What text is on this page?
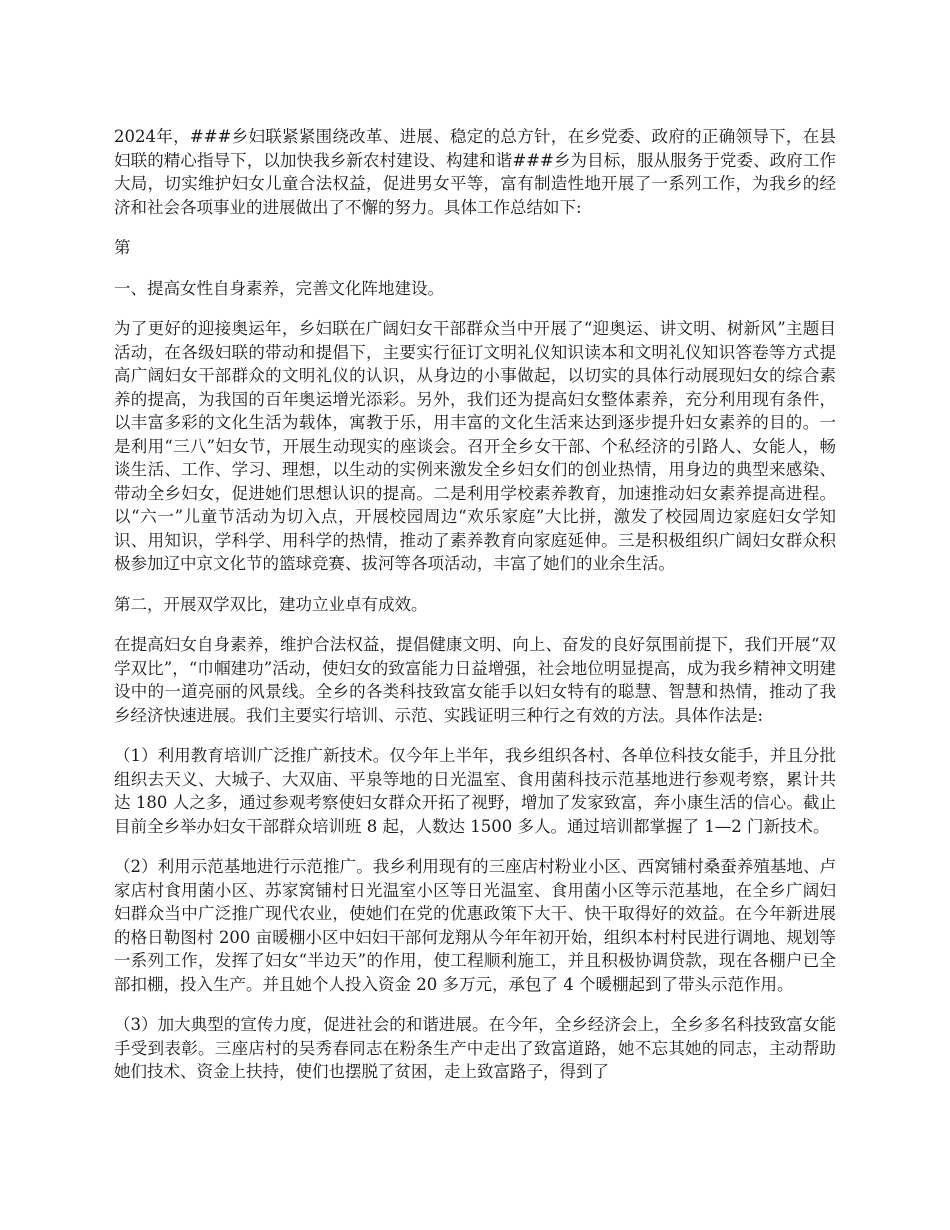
2024年，###乡妇联紧紧围绕改革、进展、稳定的总方针，在乡党委、政府的正确领导下，在县妇联的精心指导下，以加快我乡新农村建设、构建和谐###乡为目标，服从服务于党委、政府工作大局，切实维护妇女儿童合法权益，促进男女平等，富有制造性地开展了一系列工作，为我乡的经济和社会各项事业的进展做出了不懈的努力。具体工作总结如下:

第

一、提高女性自身素养，完善文化阵地建设。

为了更好的迎接奥运年，乡妇联在广阔妇女干部群众当中开展了“迎奥运、讲文明、树新风”主题目活动，在各级妇联的带动和提倡下，主要实行征订文明礼仪知识读本和文明礼仪知识答卷等方式提高广阔妇女干部群众的文明礼仪的认识，从身边的小事做起，以切实的具体行动展现妇女的综合素养的提高，为我国的百年奥运增光添彩。另外，我们还为提高妇女整体素养，充分利用现有条件，以丰富多彩的文化生活为载体，寓教于乐，用丰富的文化生活来达到逐步提升妇女素养的目的。一是利用“三八”妇女节，开展生动现实的座谈会。召开全乡女干部、个私经济的引路人、女能人，畅谈生活、工作、学习、理想，以生动的实例来激发全乡妇女们的创业热情，用身边的典型来感染、带动全乡妇女，促进她们思想认识的提高。二是利用学校素养教育，加速推动妇女素养提高进程。以“六一”儿童节活动为切入点，开展校园周边“欢乐家庭”大比拼，激发了校园周边家庭妇女学知识、用知识，学科学、用科学的热情，推动了素养教育向家庭延伸。三是积极组织广阔妇女群众积极参加辽中京文化节的篮球竞赛、拔河等各项活动，丰富了她们的业余生活。

第二，开展双学双比，建功立业卓有成效。

在提高妇女自身素养，维护合法权益，提倡健康文明、向上、奋发的良好氛围前提下，我们开展“双学双比”，“巾帼建功”活动，使妇女的致富能力日益增强，社会地位明显提高，成为我乡精神文明建设中的一道亮丽的风景线。全乡的各类科技致富女能手以妇女特有的聪慧、智慧和热情，推动了我乡经济快速进展。我们主要实行培训、示范、实践证明三种行之有效的方法。具体作法是:

（1）利用教育培训广泛推广新技术。仅今年上半年，我乡组织各村、各单位科技女能手，并且分批组织去天义、大城子、大双庙、平泉等地的日光温室、食用菌科技示范基地进行参观考察，累计共达 180 人之多，通过参观考察使妇女群众开拓了视野，增加了发家致富，奔小康生活的信心。截止目前全乡举办妇女干部群众培训班 8 起，人数达 1500 多人。通过培训都掌握了 1—2 门新技术。

（2）利用示范基地进行示范推广。我乡利用现有的三座店村粉业小区、西窝铺村桑蚕养殖基地、卢家店村食用菌小区、苏家窝铺村日光温室小区等日光温室、食用菌小区等示范基地，在全乡广阔妇妇群众当中广泛推广现代农业，使她们在党的优惠政策下大干、快干取得好的效益。在今年新进展的格日勒图村 200 亩暖棚小区中妇妇干部何龙翔从今年年初开始，组织本村村民进行调地、规划等一系列工作，发挥了妇女“半边天”的作用，使工程顺利施工，并且积极协调贷款，现在各棚户已全部扣棚，投入生产。并且她个人投入资金 20 多万元，承包了 4 个暖棚起到了带头示范作用。

（3）加大典型的宣传力度，促进社会的和谐进展。在今年，全乡经济会上，全乡多名科技致富女能手受到表彰。三座店村的吴秀春同志在粉条生产中走出了致富道路，她不忘其她的同志，主动帮助她们技术、资金上扶持，使们也摆脱了贫困，走上致富路子，得到了
